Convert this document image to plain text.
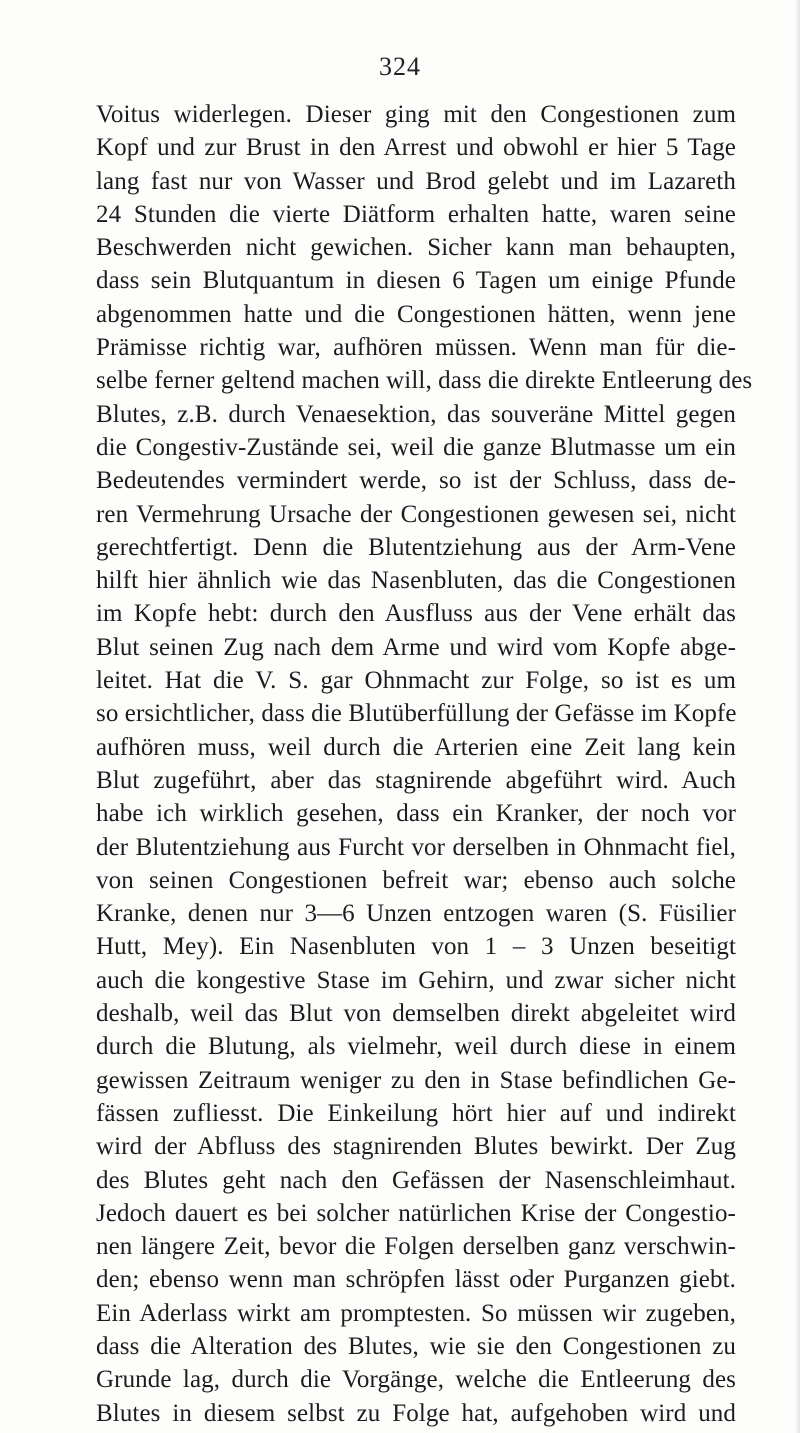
324
Voitus widerlegen. Dieser ging mit den Congestionen zum
Kopf und zur Brust in den Arrest und obwohl er hier 5 Tage
lang fast nur von Wasser und Brod gelebt und im Lazareth
24 Stunden die vierte Diätform erhalten hatte, waren seine
Beschwerden nicht gewichen. Sicher kann man behaupten,
dass sein Blutquantum in diesen 6 Tagen um einige Pfunde
abgenommen hatte und die Congestionen hätten, wenn jene
Prämisse richtig war, aufhören müssen. Wenn man für die-
selbe ferner geltend machen will, dass die direkte Entleerung des
Blutes, z.B. durch Venaesektion, das souveräne Mittel gegen
die Congestiv-Zustände sei, weil die ganze Blutmasse um ein
Bedeutendes vermindert werde, so ist der Schluss, dass de-
ren Vermehrung Ursache der Congestionen gewesen sei, nicht
gerechtfertigt. Denn die Blutentziehung aus der Arm-Vene
hilft hier ähnlich wie das Nasenbluten, das die Congestionen
im Kopfe hebt: durch den Ausfluss aus der Vene erhält das
Blut seinen Zug nach dem Arme und wird vom Kopfe abge-
leitet. Hat die V. S. gar Ohnmacht zur Folge, so ist es um
so ersichtlicher, dass die Blutüberfüllung der Gefässe im Kopfe
aufhören muss, weil durch die Arterien eine Zeit lang kein
Blut zugeführt, aber das stagnirende abgeführt wird. Auch
habe ich wirklich gesehen, dass ein Kranker, der noch vor
der Blutentziehung aus Furcht vor derselben in Ohnmacht fiel,
von seinen Congestionen befreit war; ebenso auch solche
Kranke, denen nur 3—6 Unzen entzogen waren (S. Füsilier
Hutt, Mey). Ein Nasenbluten von 1 – 3 Unzen beseitigt
auch die kongestive Stase im Gehirn, und zwar sicher nicht
deshalb, weil das Blut von demselben direkt abgeleitet wird
durch die Blutung, als vielmehr, weil durch diese in einem
gewissen Zeitraum weniger zu den in Stase befindlichen Ge-
fässen zufliesst. Die Einkeilung hört hier auf und indirekt
wird der Abfluss des stagnirenden Blutes bewirkt. Der Zug
des Blutes geht nach den Gefässen der Nasenschleimhaut.
Jedoch dauert es bei solcher natürlichen Krise der Congestio-
nen längere Zeit, bevor die Folgen derselben ganz verschwin-
den; ebenso wenn man schröpfen lässt oder Purganzen giebt.
Ein Aderlass wirkt am promptesten. So müssen wir zugeben,
dass die Alteration des Blutes, wie sie den Congestionen zu
Grunde lag, durch die Vorgänge, welche die Entleerung des
Blutes in diesem selbst zu Folge hat, aufgehoben wird und
